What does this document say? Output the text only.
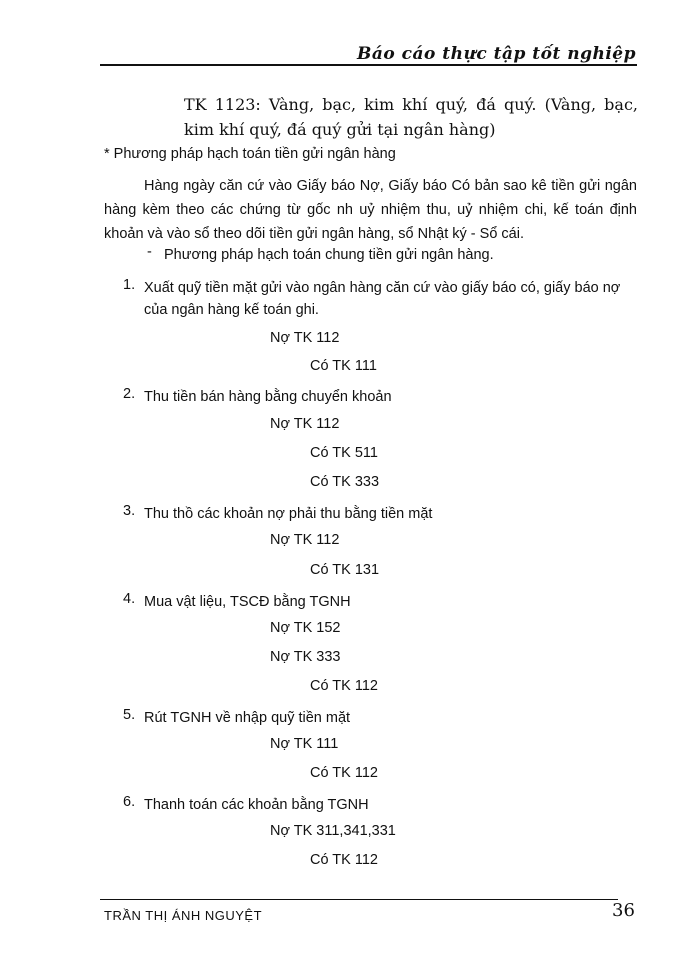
Báo cáo thực tập tốt nghiệp
TK 1123: Vàng, bạc, kim khí quý, đá quý. (Vàng, bạc, kim khí quý, đá quý gửi tại ngân hàng)
* Phương pháp hạch toán tiền gửi ngân hàng
Hàng ngày căn cứ vào Giấy báo Nợ, Giấy báo Có bản sao kê tiền gửi ngân hàng kèm theo các chứng từ gốc nh uỷ nhiệm thu, uỷ nhiệm chi, kế toán định khoản và vào sổ theo dõi tiền gửi ngân hàng, sổ Nhật ký - Sổ cái.
- Phương pháp hạch toán chung tiền gửi ngân hàng.
1. Xuất quỹ tiền mặt gửi vào ngân hàng căn cứ vào giấy báo có, giấy báo nợ của ngân hàng kế toán ghi.
Nợ TK 112
Có TK 111
2. Thu tiền bán hàng bằng chuyển khoản
Nợ TK 112
Có TK 511
Có TK 333
3. Thu thồ các khoản nợ phải thu bằng tiền mặt
Nợ TK 112
Có TK 131
4. Mua vật liệu, TSCĐ bằng TGNH
Nợ TK 152
Nợ TK 333
Có TK 112
5. Rút TGNH về nhập quỹ tiền mặt
Nợ TK 111
Có TK 112
6. Thanh toán các khoản bằng TGNH
Nợ TK 311,341,331
Có TK 112
TRẦN THỊ ÁNH NGUYỆT	36
